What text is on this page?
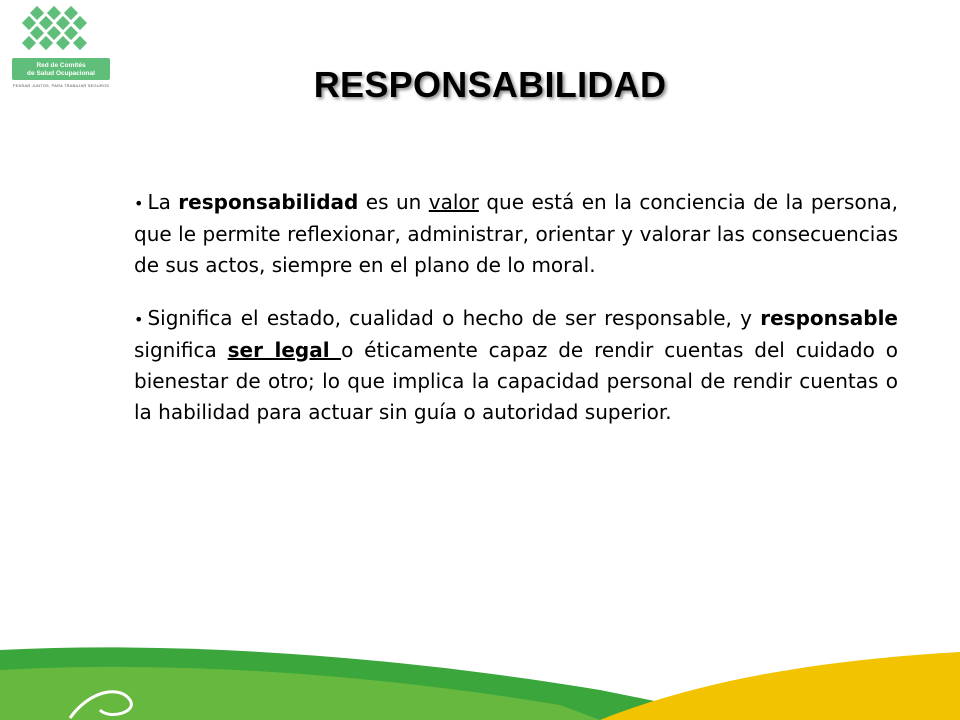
Red de Comités
de Salud Ocupacional
PENSAR JUNTOS, PARA TRABAJAR SEGUROS	RESPONSABILIDAD

• La responsabilidad es un valor que está en la conciencia de la persona, que le permite reflexionar, administrar, orientar y valorar las consecuencias de sus actos, siempre en el plano de lo moral.

• Significa el estado, cualidad o hecho de ser responsable, y responsable significa ser legal o éticamente capaz de rendir cuentas del cuidado o bienestar de otro; lo que implica la capacidad personal de rendir cuentas o la habilidad para actuar sin guía o autoridad superior.
